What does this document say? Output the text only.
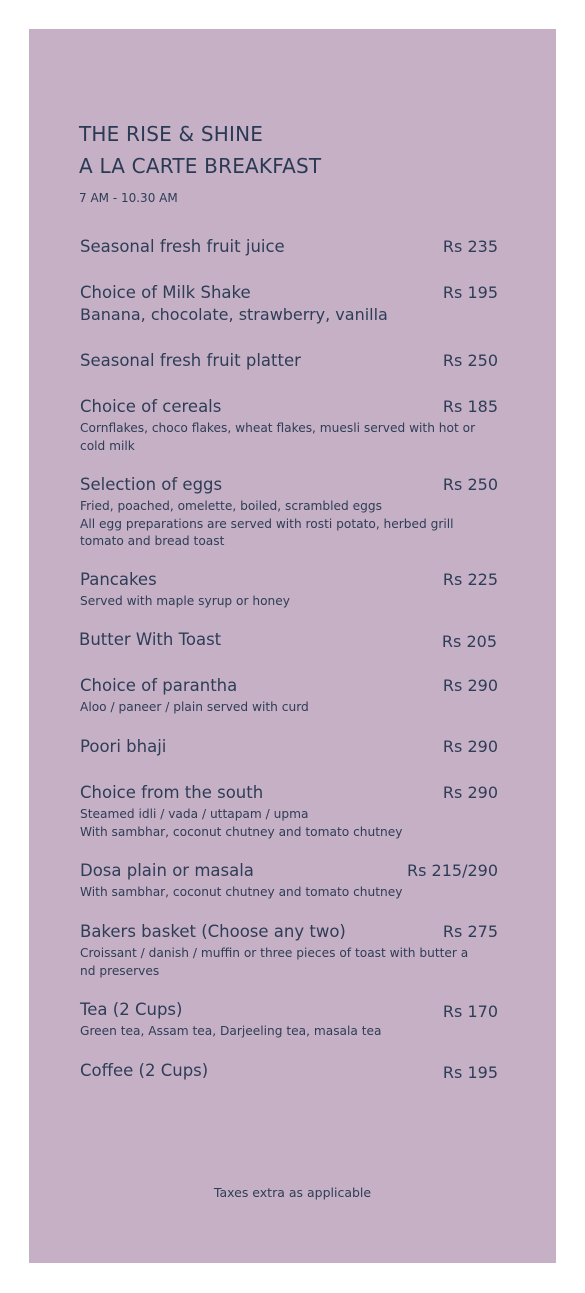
THE RISE & SHINE
A LA CARTE BREAKFAST
7 AM - 10.30 AM
Seasonal fresh fruit juice	Rs 235
Choice of Milk Shake	Rs 195
Banana, chocolate, strawberry, vanilla
Seasonal fresh fruit platter	Rs 250
Choice of cereals	Rs 185
Cornflakes, choco flakes, wheat flakes, muesli served with hot or
cold milk
Selection of eggs	Rs 250
Fried, poached, omelette, boiled, scrambled eggs
All egg preparations are served with rosti potato, herbed grill
tomato and bread toast
Pancakes	Rs 225
Served with maple syrup or honey
Butter With Toast	Rs 205
Choice of parantha	Rs 290
Aloo / paneer / plain served with curd
Poori bhaji	Rs 290
Choice from the south	Rs 290
Steamed idli / vada / uttapam / upma
With sambhar, coconut chutney and tomato chutney
Dosa plain or masala	Rs 215/290
With sambhar, coconut chutney and tomato chutney
Bakers basket (Choose any two)	Rs 275
Croissant / danish / muffin or three pieces of toast with butter a
nd preserves
Tea (2 Cups)	Rs 170
Green tea, Assam tea, Darjeeling tea, masala tea
Coffee (2 Cups)	Rs 195
Taxes extra as applicable
